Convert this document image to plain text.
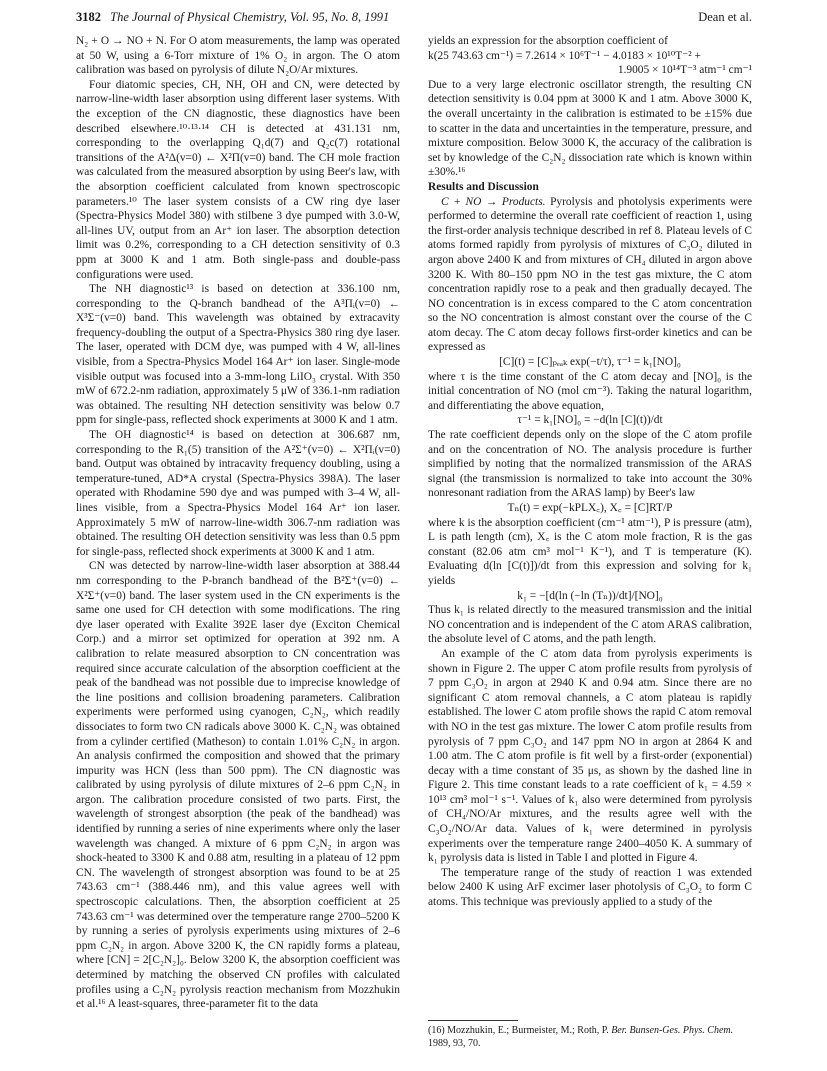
3182 The Journal of Physical Chemistry, Vol. 95, No. 8, 1991	Dean et al.

N₂ + O → NO + N. For O atom measurements, the lamp was operated at 50 W, using a 6-Torr mixture of 1% O₂ in argon. The O atom calibration was based on pyrolysis of dilute N₂O/Ar mixtures.

Four diatomic species, CH, NH, OH and CN, were detected by narrow-line-width laser absorption using different laser systems. With the exception of the CN diagnostic, these diagnostics have been described elsewhere.¹⁰·¹³·¹⁴ CH is detected at 431.131 nm, corresponding to the overlapping Q₁d(7) and Q₂c(7) rotational transitions of the A²Δ(v=0) ← X²Π(v=0) band. The CH mole fraction was calculated from the measured absorption by using Beer's law, with the absorption coefficient calculated from known spectroscopic parameters.¹⁰ The laser system consists of a CW ring dye laser (Spectra-Physics Model 380) with stilbene 3 dye pumped with 3.0-W, all-lines UV, output from an Ar⁺ ion laser. The absorption detection limit was 0.2%, corresponding to a CH detection sensitivity of 0.3 ppm at 3000 K and 1 atm. Both single-pass and double-pass configurations were used.

The NH diagnostic¹³ is based on detection at 336.100 nm, corresponding to the Q-branch bandhead of the A³Πᵢ(v=0) ← X³Σ⁻(v=0) band. This wavelength was obtained by extracavity frequency-doubling the output of a Spectra-Physics 380 ring dye laser. The laser, operated with DCM dye, was pumped with 4 W, all-lines visible, from a Spectra-Physics Model 164 Ar⁺ ion laser. Single-mode visible output was focused into a 3-mm-long LiIO₃ crystal. With 350 mW of 672.2-nm radiation, approximately 5 μW of 336.1-nm radiation was obtained. The resulting NH detection sensitivity was below 0.7 ppm for single-pass, reflected shock experiments at 3000 K and 1 atm.

The OH diagnostic¹⁴ is based on detection at 306.687 nm, corresponding to the R₁(5) transition of the A²Σ⁺(v=0) ← X²Πᵢ(v=0) band. Output was obtained by intracavity frequency doubling, using a temperature-tuned, AD*A crystal (Spectra-Physics 398A). The laser operated with Rhodamine 590 dye and was pumped with 3–4 W, all-lines visible, from a Spectra-Physics Model 164 Ar⁺ ion laser. Approximately 5 mW of narrow-line-width 306.7-nm radiation was obtained. The resulting OH detection sensitivity was less than 0.5 ppm for single-pass, reflected shock experiments at 3000 K and 1 atm.

CN was detected by narrow-line-width laser absorption at 388.44 nm corresponding to the P-branch bandhead of the B²Σ⁺(v=0) ← X²Σ⁺(v=0) band. The laser system used in the CN experiments is the same one used for CH detection with some modifications. The ring dye laser operated with Exalite 392E laser dye (Exciton Chemical Corp.) and a mirror set optimized for operation at 392 nm. A calibration to relate measured absorption to CN concentration was required since accurate calculation of the absorption coefficient at the peak of the bandhead was not possible due to imprecise knowledge of the line positions and collision broadening parameters. Calibration experiments were performed using cyanogen, C₂N₂, which readily dissociates to form two CN radicals above 3000 K. C₂N₂ was obtained from a cylinder certified (Matheson) to contain 1.01% C₂N₂ in argon. An analysis confirmed the composition and showed that the primary impurity was HCN (less than 500 ppm). The CN diagnostic was calibrated by using pyrolysis of dilute mixtures of 2–6 ppm C₂N₂ in argon. The calibration procedure consisted of two parts. First, the wavelength of strongest absorption (the peak of the bandhead) was identified by running a series of nine experiments where only the laser wavelength was changed. A mixture of 6 ppm C₂N₂ in argon was shock-heated to 3300 K and 0.88 atm, resulting in a plateau of 12 ppm CN. The wavelength of strongest absorption was found to be at 25 743.63 cm⁻¹ (388.446 nm), and this value agrees well with spectroscopic calculations. Then, the absorption coefficient at 25 743.63 cm⁻¹ was determined over the temperature range 2700–5200 K by running a series of pyrolysis experiments using mixtures of 2–6 ppm C₂N₂ in argon. Above 3200 K, the CN rapidly forms a plateau, where [CN] = 2[C₂N₂]₀. Below 3200 K, the absorption coefficient was determined by matching the observed CN profiles with calculated profiles using a C₂N₂ pyrolysis reaction mechanism from Mozzhukin et al.¹⁶ A least-squares, three-parameter fit to the data

yields an expression for the absorption coefficient of

k(25 743.63 cm⁻¹) = 7.2614 × 10⁶T⁻¹ − 4.0183 × 10¹⁰T⁻² +

1.9005 × 10¹⁴T⁻³ atm⁻¹ cm⁻¹

Due to a very large electronic oscillator strength, the resulting CN detection sensitivity is 0.04 ppm at 3000 K and 1 atm. Above 3000 K, the overall uncertainty in the calibration is estimated to be ±15% due to scatter in the data and uncertainties in the temperature, pressure, and mixture composition. Below 3000 K, the accuracy of the calibration is set by knowledge of the C₂N₂ dissociation rate which is known within ±30%.¹⁶

Results and Discussion

C + NO → Products. Pyrolysis and photolysis experiments were performed to determine the overall rate coefficient of reaction 1, using the first-order analysis technique described in ref 8. Plateau levels of C atoms formed rapidly from pyrolysis of mixtures of C₃O₂ diluted in argon above 2400 K and from mixtures of CH₄ diluted in argon above 3200 K. With 80–150 ppm NO in the test gas mixture, the C atom concentration rapidly rose to a peak and then gradually decayed. The NO concentration is in excess compared to the C atom concentration so the NO concentration is almost constant over the course of the C atom decay. The C atom decay follows first-order kinetics and can be expressed as

[C](t) = [C]ₚₑₐₖ exp(−t/τ), τ⁻¹ = k₁[NO]₀

where τ is the time constant of the C atom decay and [NO]₀ is the initial concentration of NO (mol cm⁻³). Taking the natural logarithm, and differentiating the above equation,

τ⁻¹ = k₁[NO]₀ = −d(ln [C](t))/dt

The rate coefficient depends only on the slope of the C atom profile and on the concentration of NO. The analysis procedure is further simplified by noting that the normalized transmission of the ARAS signal (the transmission is normalized to take into account the 30% nonresonant radiation from the ARAS lamp) by Beer's law

Tₙ(t) = exp(−kPLX꜀), X꜀ = [C]RT/P

where k is the absorption coefficient (cm⁻¹ atm⁻¹), P is pressure (atm), L is path length (cm), X꜀ is the C atom mole fraction, R is the gas constant (82.06 atm cm³ mol⁻¹ K⁻¹), and T is temperature (K). Evaluating d(ln [C(t)])/dt from this expression and solving for k₁ yields

k₁ = −[d(ln (−ln (Tₙ))/dt]/[NO]₀

Thus k₁ is related directly to the measured transmission and the initial NO concentration and is independent of the C atom ARAS calibration, the absolute level of C atoms, and the path length.

An example of the C atom data from pyrolysis experiments is shown in Figure 2. The upper C atom profile results from pyrolysis of 7 ppm C₃O₂ in argon at 2940 K and 0.94 atm. Since there are no significant C atom removal channels, a C atom plateau is rapidly established. The lower C atom profile shows the rapid C atom removal with NO in the test gas mixture. The lower C atom profile results from pyrolysis of 7 ppm C₃O₂ and 147 ppm NO in argon at 2864 K and 1.00 atm. The C atom profile is fit well by a first-order (exponential) decay with a time constant of 35 μs, as shown by the dashed line in Figure 2. This time constant leads to a rate coefficient of k₁ = 4.59 × 10¹³ cm³ mol⁻¹ s⁻¹. Values of k₁ also were determined from pyrolysis of CH₄/NO/Ar mixtures, and the results agree well with the C₃O₂/NO/Ar data. Values of k₁ were determined in pyrolysis experiments over the temperature range 2400–4050 K. A summary of k₁ pyrolysis data is listed in Table I and plotted in Figure 4.

The temperature range of the study of reaction 1 was extended below 2400 K using ArF excimer laser photolysis of C₃O₂ to form C atoms. This technique was previously applied to a study of the

(16) Mozzhukin, E.; Burmeister, M.; Roth, P. Ber. Bunsen-Ges. Phys. Chem. 1989, 93, 70.
